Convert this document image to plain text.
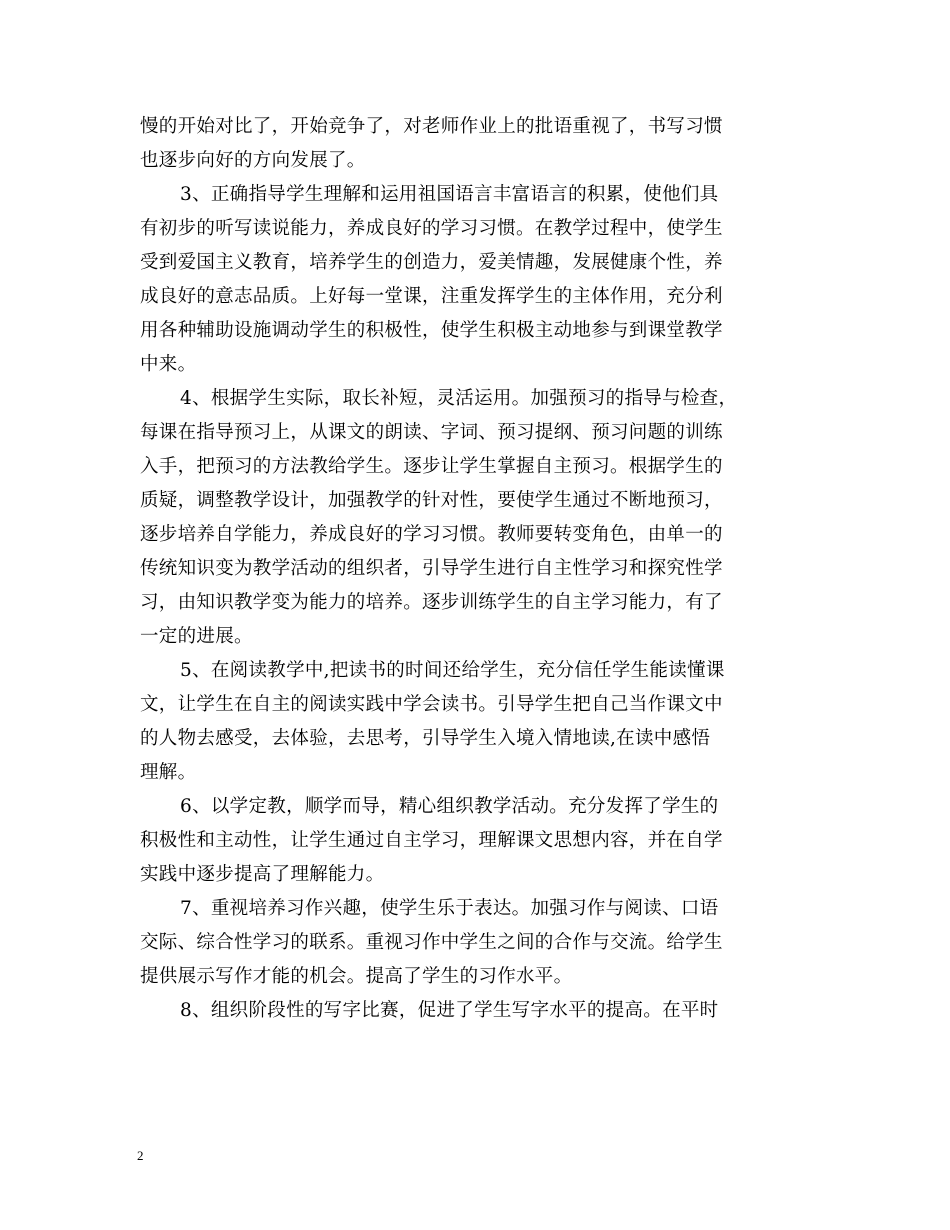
慢的开始对比了，开始竞争了，对老师作业上的批语重视了，书写习惯
也逐步向好的方向发展了。
3、正确指导学生理解和运用祖国语言丰富语言的积累，使他们具
有初步的听写读说能力，养成良好的学习习惯。在教学过程中，使学生
受到爱国主义教育，培养学生的创造力，爱美情趣，发展健康个性，养
成良好的意志品质。上好每一堂课，注重发挥学生的主体作用，充分利
用各种辅助设施调动学生的积极性，使学生积极主动地参与到课堂教学
中来。
4、根据学生实际，取长补短，灵活运用。加强预习的指导与检查，
每课在指导预习上，从课文的朗读、字词、预习提纲、预习问题的训练
入手，把预习的方法教给学生。逐步让学生掌握自主预习。根据学生的
质疑，调整教学设计，加强教学的针对性，要使学生通过不断地预习，
逐步培养自学能力，养成良好的学习习惯。教师要转变角色，由单一的
传统知识变为教学活动的组织者，引导学生进行自主性学习和探究性学
习，由知识教学变为能力的培养。逐步训练学生的自主学习能力，有了
一定的进展。
5、在阅读教学中,把读书的时间还给学生，充分信任学生能读懂课
文，让学生在自主的阅读实践中学会读书。引导学生把自己当作课文中
的人物去感受，去体验，去思考，引导学生入境入情地读,在读中感悟
理解。
6、以学定教，顺学而导，精心组织教学活动。充分发挥了学生的
积极性和主动性，让学生通过自主学习，理解课文思想内容，并在自学
实践中逐步提高了理解能力。
7、重视培养习作兴趣，使学生乐于表达。加强习作与阅读、口语
交际、综合性学习的联系。重视习作中学生之间的合作与交流。给学生
提供展示写作才能的机会。提高了学生的习作水平。
8、组织阶段性的写字比赛，促进了学生写字水平的提高。在平时
2
